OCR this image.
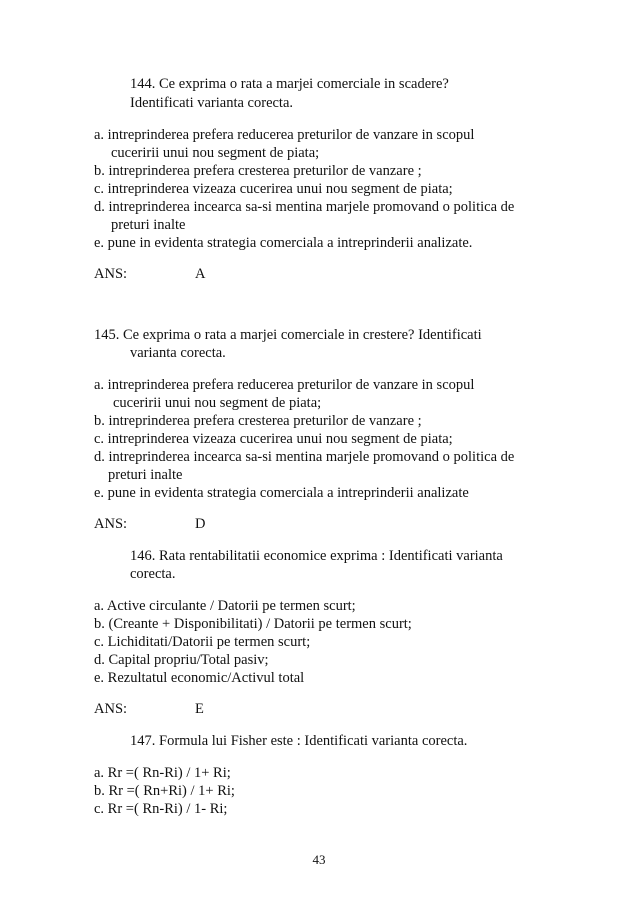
144. Ce exprima o rata a marjei comerciale in scadere?
Identificati varianta corecta.
a. intreprinderea prefera reducerea preturilor de vanzare in scopul
cuceririi unui nou segment de piata;
b. intreprinderea prefera cresterea preturilor de vanzare ;
c. intreprinderea vizeaza cucerirea unui nou segment de piata;
d. intreprinderea incearca sa-si mentina marjele promovand o politica de
preturi inalte
e. pune in evidenta strategia comerciala a intreprinderii analizate.
ANS:	A
145. Ce exprima o rata a marjei comerciale in crestere? Identificati
varianta corecta.
a. intreprinderea prefera reducerea preturilor de vanzare in scopul
cuceririi unui nou segment de piata;
b. intreprinderea prefera cresterea preturilor de vanzare ;
c. intreprinderea vizeaza cucerirea unui nou segment de piata;
d. intreprinderea incearca sa-si mentina marjele promovand o politica de
preturi inalte
e. pune in evidenta strategia comerciala a intreprinderii analizate
ANS:	D
146. Rata rentabilitatii economice exprima : Identificati varianta
corecta.
a. Active circulante / Datorii pe termen scurt;
b. (Creante + Disponibilitati) / Datorii pe termen scurt;
c. Lichiditati/Datorii pe termen scurt;
d. Capital propriu/Total pasiv;
e. Rezultatul economic/Activul total
ANS:	E
147. Formula lui Fisher este : Identificati varianta corecta.
a. Rr =( Rn-Ri) / 1+ Ri;
b. Rr =( Rn+Ri) / 1+ Ri;
c. Rr =( Rn-Ri) / 1- Ri;
43
